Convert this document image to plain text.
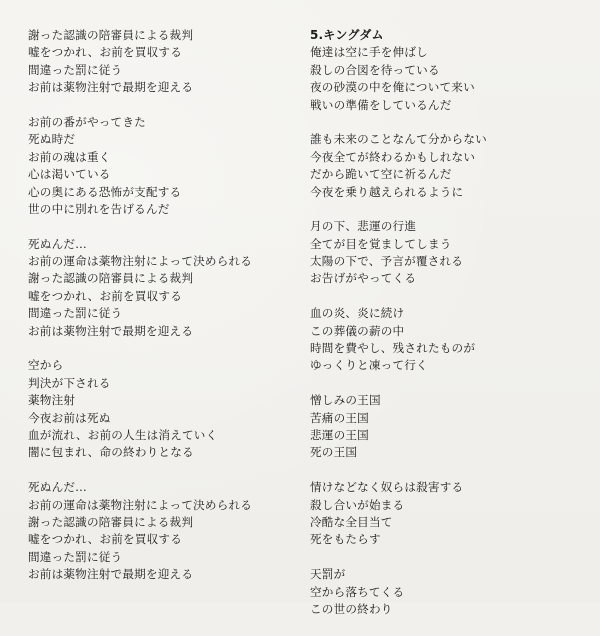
謝った認識の陪審員による裁判
嘘をつかれ、お前を買収する
間違った罰に従う
お前は薬物注射で最期を迎える
お前の番がやってきた
死ぬ時だ
お前の魂は重く
心は渇いている
心の奥にある恐怖が支配する
世の中に別れを告げるんだ
死ぬんだ…
お前の運命は薬物注射によって決められる
謝った認識の陪審員による裁判
嘘をつかれ、お前を買収する
間違った罰に従う
お前は薬物注射で最期を迎える
空から
判決が下される
薬物注射
今夜お前は死ぬ
血が流れ、お前の人生は消えていく
闇に包まれ、命の終わりとなる
死ぬんだ…
お前の運命は薬物注射によって決められる
謝った認識の陪審員による裁判
嘘をつかれ、お前を買収する
間違った罰に従う
お前は薬物注射で最期を迎える
5.キングダム
俺達は空に手を伸ばし
殺しの合図を待っている
夜の砂漠の中を俺について来い
戦いの準備をしているんだ
誰も未来のことなんて分からない
今夜全てが終わるかもしれない
だから跪いて空に祈るんだ
今夜を乗り越えられるように
月の下、悲運の行進
全てが目を覚ましてしまう
太陽の下で、予言が覆される
お告げがやってくる
血の炎、炎に続け
この葬儀の薪の中
時間を費やし、残されたものが
ゆっくりと凍って行く
憎しみの王国
苦痛の王国
悲運の王国
死の王国
情けなどなく奴らは殺害する
殺し合いが始まる
冷酷な全目当て
死をもたらす
天罰が
空から落ちてくる
この世の終わり
